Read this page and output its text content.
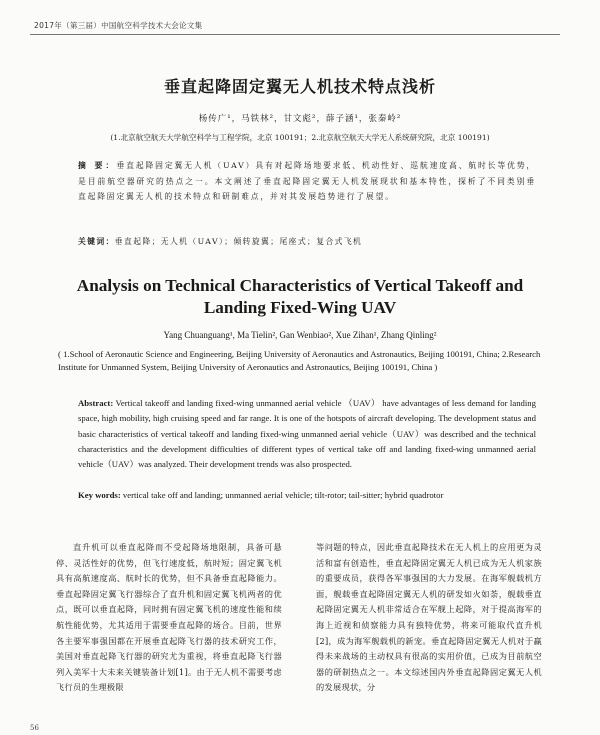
2017年（第三届）中国航空科学技术大会论文集
垂直起降固定翼无人机技术特点浅析
杨传广¹，马铁林²，甘文彪²，薛子涵¹，张秦岭²
(1.北京航空航天大学航空科学与工程学院，北京 100191；2.北京航空航天大学无人系统研究院，北京 100191)
摘 要：垂直起降固定翼无人机（UAV）具有对起降场地要求低、机动性好、巡航速度高、航时长等优势，是目前航空器研究的热点之一。本文阐述了垂直起降固定翼无人机发展现状和基本特性，探析了不同类别垂直起降固定翼无人机的技术特点和研制难点，并对其发展趋势进行了展望。
关键词：垂直起降；无人机（UAV）；倾转旋翼；尾座式；复合式飞机
Analysis on Technical Characteristics of Vertical Takeoff and
Landing Fixed-Wing UAV
Yang Chuanguang¹, Ma Tielin², Gan Wenbiao², Xue Zihan¹, Zhang Qinling²
( 1.School of Aeronautic Science and Engineering, Beijing University of Aeronautics and Astronautics, Beijing 100191, China; 2.Research Institute for Unmanned System, Beijing University of Aeronautics and Astronautics, Beijing 100191, China )
Abstract: Vertical takeoff and landing fixed-wing unmanned aerial vehicle （UAV） have advantages of less demand for landing space, high mobility, high cruising speed and far range. It is one of the hotspots of aircraft developing. The development status and basic characteristics of vertical takeoff and landing fixed-wing unmanned aerial vehicle（UAV）was described and the technical characteristics and the development difficulties of different types of vertical take off and landing fixed-wing unmanned aerial vehicle（UAV）was analyzed. Their development trends was also prospected.
Key words: vertical take off and landing; unmanned aerial vehicle; tilt-rotor; tail-sitter; hybrid quadrotor
直升机可以垂直起降而不受起降场地限制，具备可悬停、灵活性好的优势，但飞行速度低，航时短；固定翼飞机具有高航速度高、航时长的优势，但不具备垂直起降能力。垂直起降固定翼飞行器综合了直升机和固定翼飞机两者的优点，既可以垂直起降，同时拥有固定翼飞机的速度性能和续航性能优势，尤其适用于需要垂直起降的场合。目前，世界各主要军事强国都在开展垂直起降飞行器的技术研究工作，美国对垂直起降飞行器的研究尤为重视，将垂直起降飞行器列入美军十大未来关键装备计划[1]。由于无人机不需要考虑飞行员的生理极限
等问题的特点，因此垂直起降技术在无人机上的应用更为灵活和富有创造性，垂直起降固定翼无人机已成为无人机家族的重要成员，获得各军事强国的大力发展。在海军舰载机方面，舰载垂直起降固定翼无人机的研发如火如荼，舰载垂直起降固定翼无人机非常适合在军舰上起降，对于提高海军的海上近视和侦察能力具有独特优势，将来可能取代直升机[2]，成为海军舰载机的新宠。垂直起降固定翼无人机对于赢得未来战场的主动权具有很高的实用价值，已成为目前航空器的研制热点之一。本文综述国内外垂直起降固定翼无人机的发展现状，分
56
